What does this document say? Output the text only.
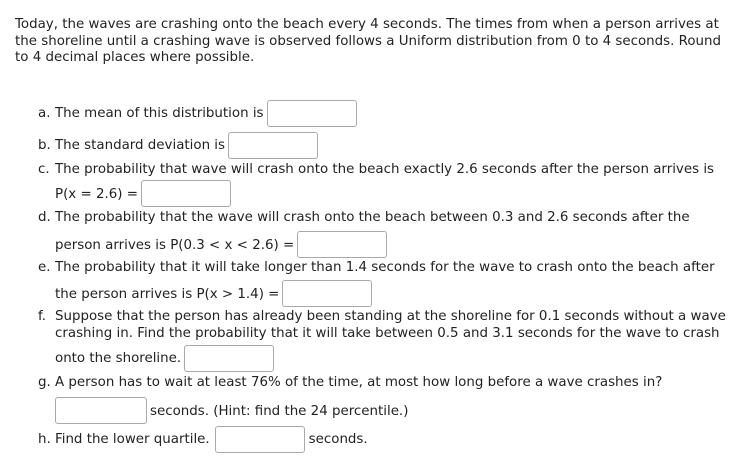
Today, the waves are crashing onto the beach every 4 seconds. The times from when a person arrives at the shoreline until a crashing wave is observed follows a Uniform distribution from 0 to 4 seconds. Round to 4 decimal places where possible.
a. The mean of this distribution is
b. The standard deviation is
c. The probability that wave will crash onto the beach exactly 2.6 seconds after the person arrives is
P(x = 2.6) =
d. The probability that the wave will crash onto the beach between 0.3 and 2.6 seconds after the
person arrives is P(0.3 < x < 2.6) =
e. The probability that it will take longer than 1.4 seconds for the wave to crash onto the beach after
the person arrives is P(x > 1.4) =
f. Suppose that the person has already been standing at the shoreline for 0.1 seconds without a wave
crashing in. Find the probability that it will take between 0.5 and 3.1 seconds for the wave to crash
onto the shoreline.
g. A person has to wait at least 76% of the time, at most how long before a wave crashes in?
seconds. (Hint: find the 24 percentile.)
h. Find the lower quartile.	seconds.
